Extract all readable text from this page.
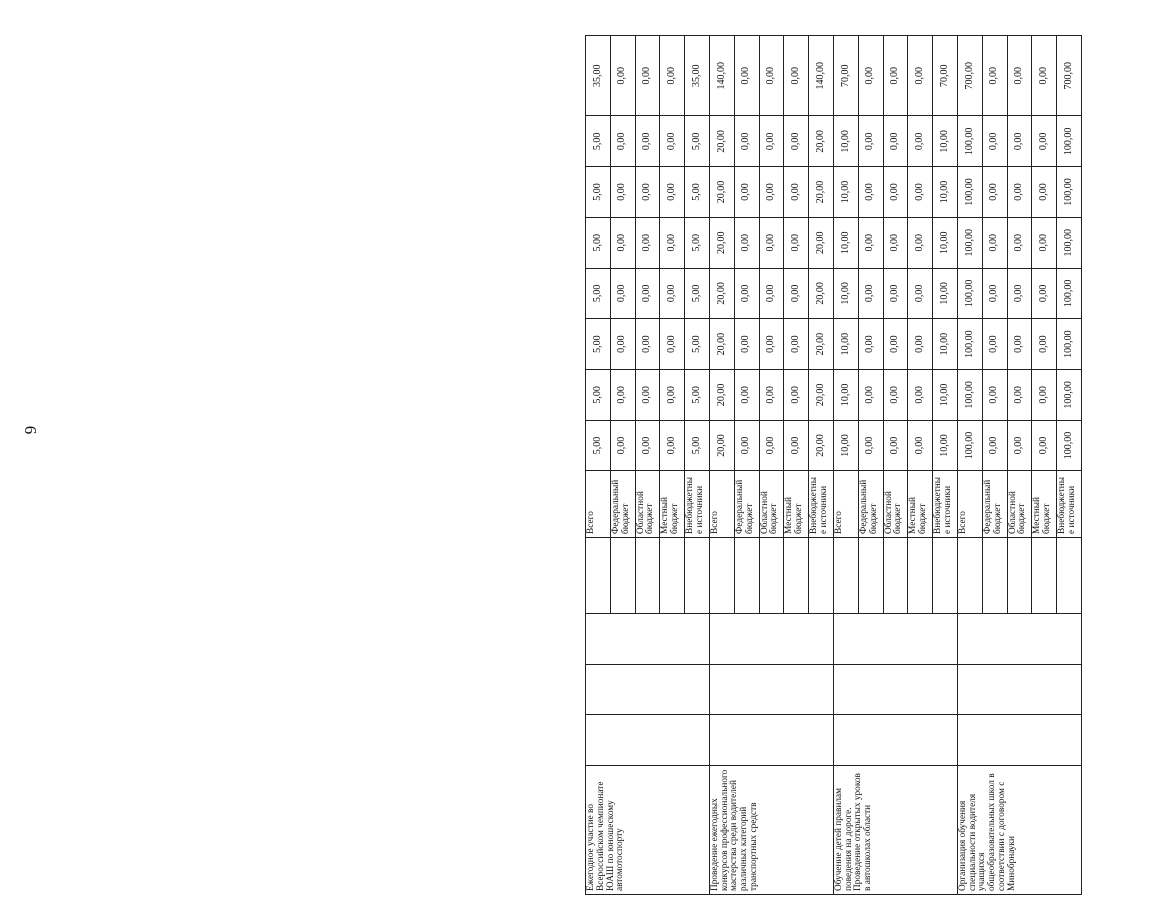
6
Ежегодное участие во Всероссийском чемпионате ЮАШ по юношескому автомотоспорту					Всего	5,00	5,00	5,00	5,00	5,00	5,00	5,00	35,00
					Федеральный бюджет	0,00	0,00	0,00	0,00	0,00	0,00	0,00	0,00
					Областной бюджет	0,00	0,00	0,00	0,00	0,00	0,00	0,00	0,00
					Местный бюджет	0,00	0,00	0,00	0,00	0,00	0,00	0,00	0,00
					Внебюджетные источники	5,00	5,00	5,00	5,00	5,00	5,00	5,00	35,00
Проведение ежегодных конкурсов профессионального мастерства среди водителей различных категорий транспортных средств					Всего	20,00	20,00	20,00	20,00	20,00	20,00	20,00	140,00
					Федеральный бюджет	0,00	0,00	0,00	0,00	0,00	0,00	0,00	0,00
					Областной бюджет	0,00	0,00	0,00	0,00	0,00	0,00	0,00	0,00
					Местный бюджет	0,00	0,00	0,00	0,00	0,00	0,00	0,00	0,00
					Внебюджетные источники	20,00	20,00	20,00	20,00	20,00	20,00	20,00	140,00
Обучение детей правилам поведения на дороге. Проведение открытых уроков в автошколах области					Всего	10,00	10,00	10,00	10,00	10,00	10,00	10,00	70,00
					Федеральный бюджет	0,00	0,00	0,00	0,00	0,00	0,00	0,00	0,00
					Областной бюджет	0,00	0,00	0,00	0,00	0,00	0,00	0,00	0,00
					Местный бюджет	0,00	0,00	0,00	0,00	0,00	0,00	0,00	0,00
					Внебюджетные источники	10,00	10,00	10,00	10,00	10,00	10,00	10,00	70,00
Организация обучения специальности водителя учащихся общеобразовательных школ в соответствии с договором с Минобрнауки					Всего	100,00	100,00	100,00	100,00	100,00	100,00	100,00	700,00
					Федеральный бюджет	0,00	0,00	0,00	0,00	0,00	0,00	0,00	0,00
					Областной бюджет	0,00	0,00	0,00	0,00	0,00	0,00	0,00	0,00
					Местный бюджет	0,00	0,00	0,00	0,00	0,00	0,00	0,00	0,00
					Внебюджетные источники	100,00	100,00	100,00	100,00	100,00	100,00	100,00	700,00
